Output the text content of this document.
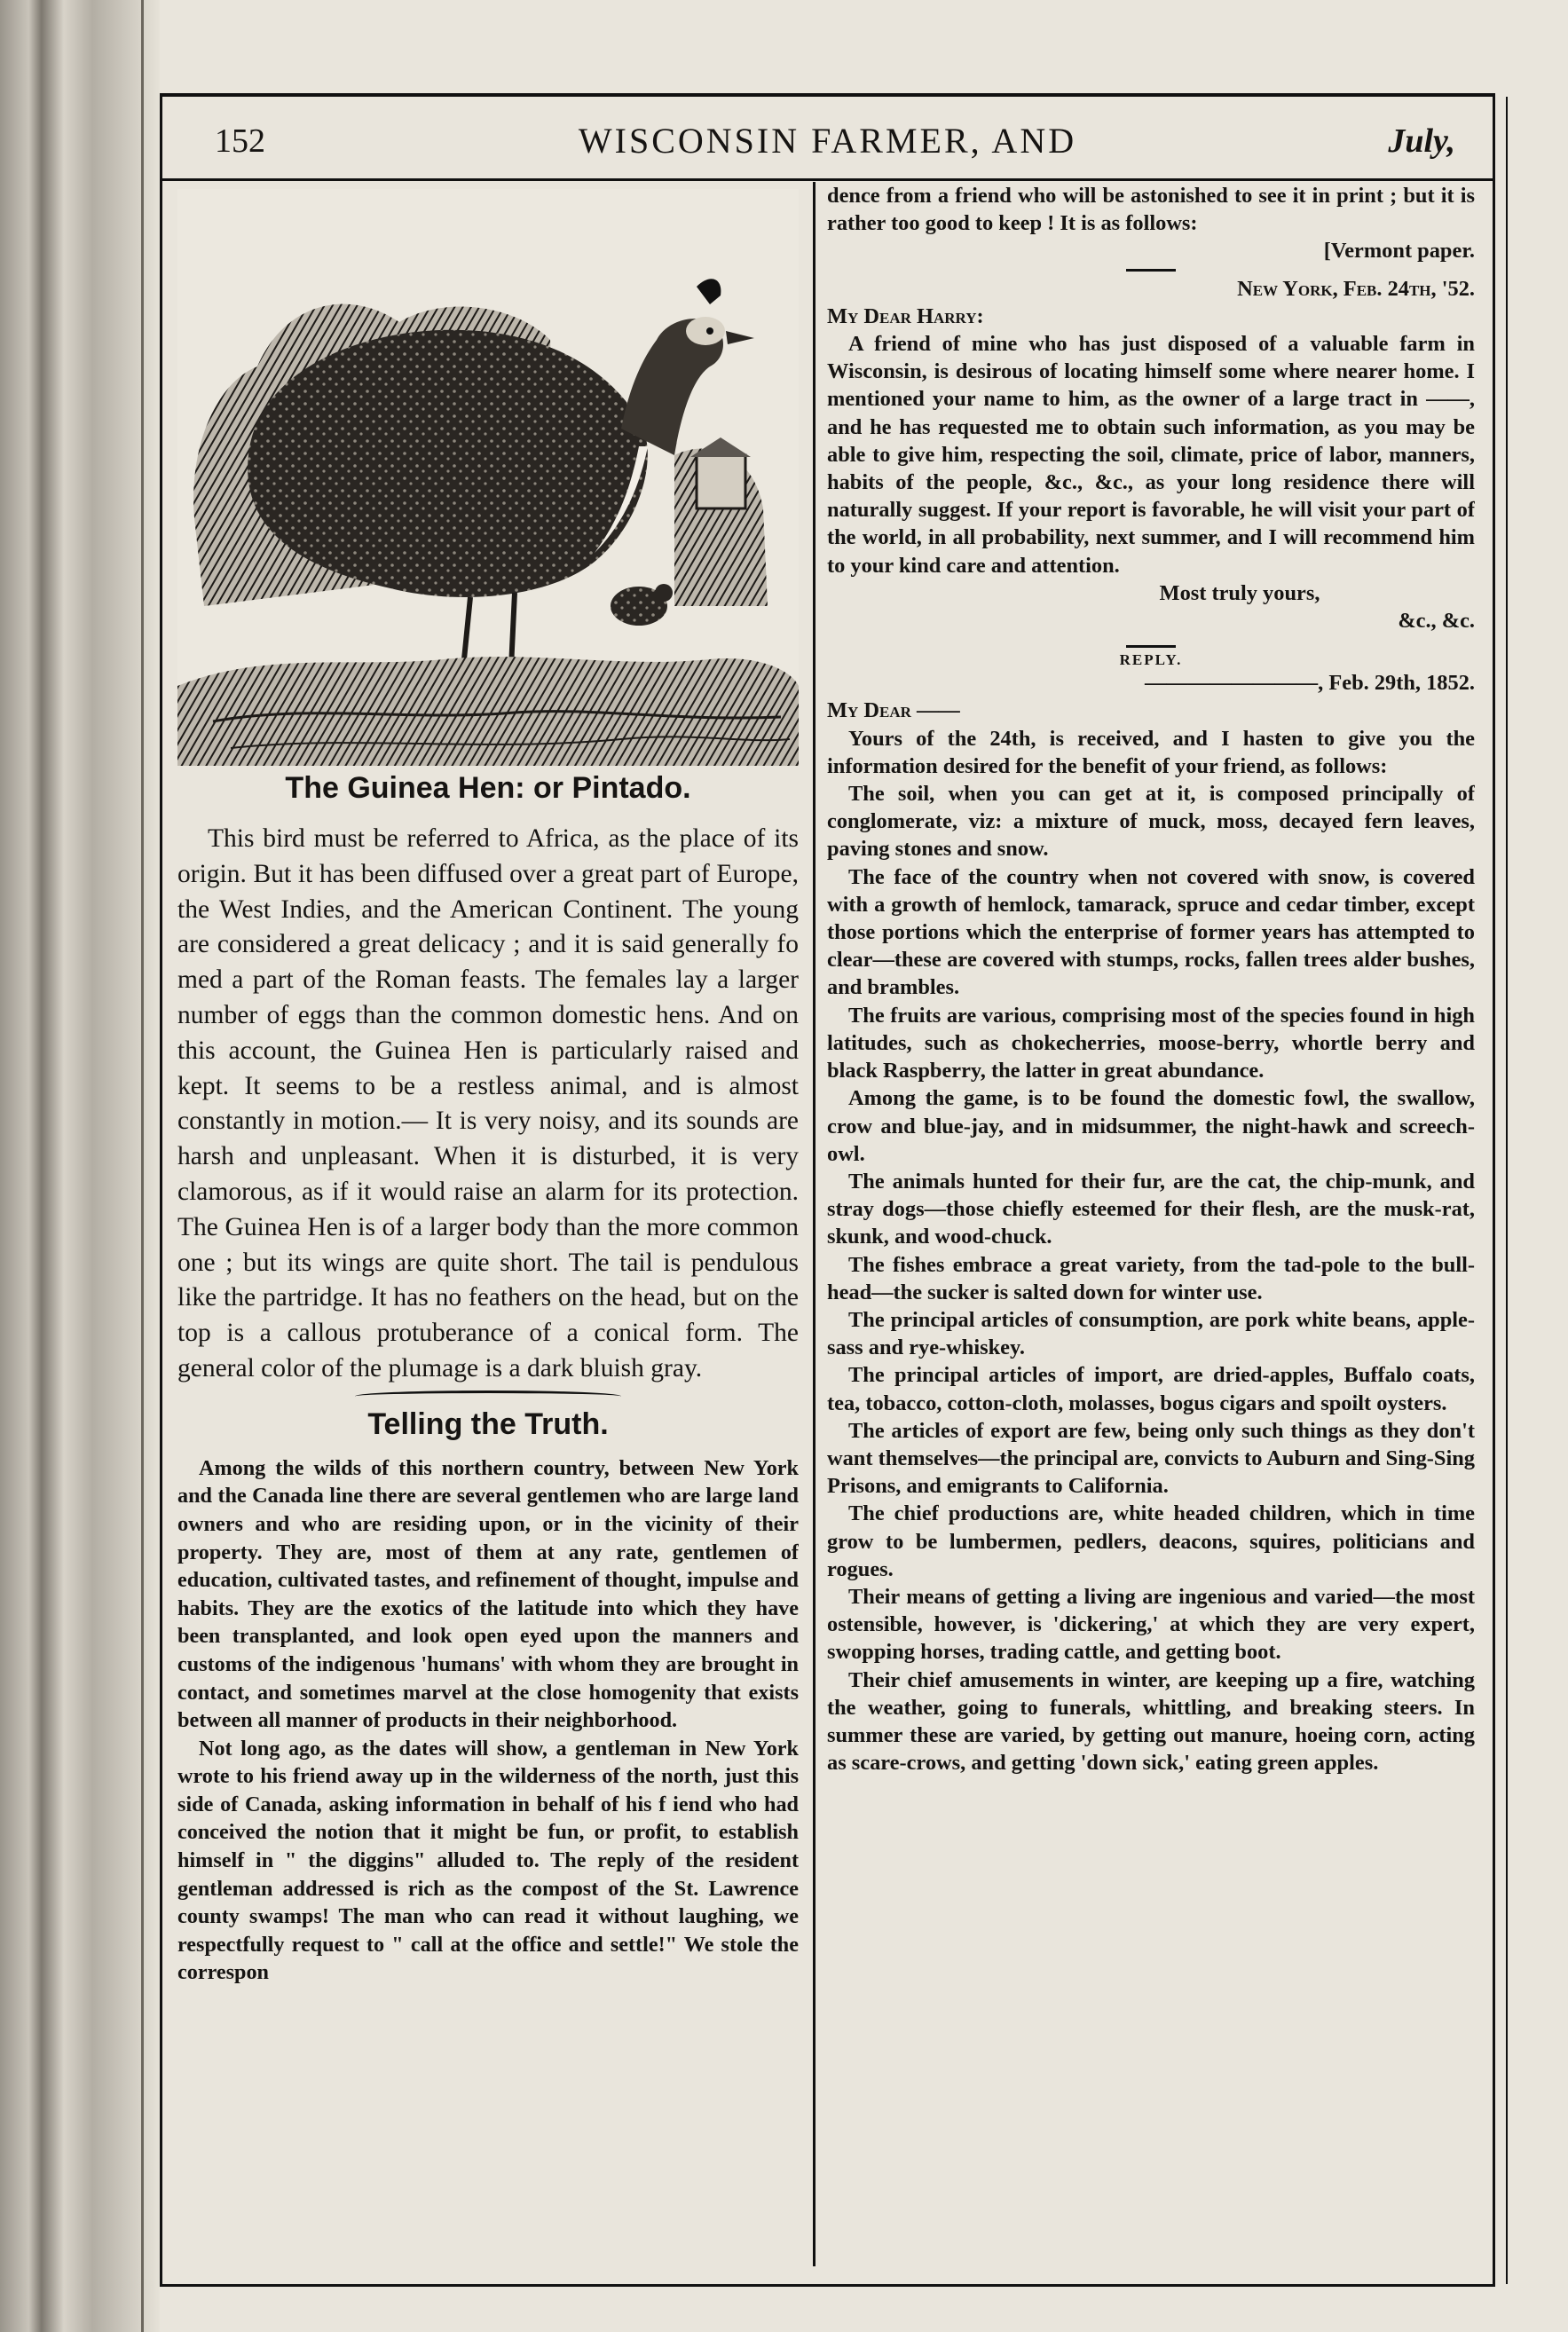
152	WISCONSIN FARMER, AND	July,
The Guinea Hen: or Pintado.

This bird must be referred to Africa, as the place of its origin. But it has been diffused over a great part of Europe, the West Indies, and the American Continent. The young are considered a great delicacy ; and it is said generally fo med a part of the Roman feasts. The females lay a larger number of eggs than the common domestic hens. And on this account, the Guinea Hen is particularly raised and kept. It seems to be a restless animal, and is almost constantly in motion.— It is very noisy, and its sounds are harsh and unpleasant. When it is disturbed, it is very clamorous, as if it would raise an alarm for its protection. The Guinea Hen is of a larger body than the more common one ; but its wings are quite short. The tail is pendulous like the partridge. It has no feathers on the head, but on the top is a callous protuberance of a conical form. The general color of the plumage is a dark bluish gray.

Telling the Truth.

Among the wilds of this northern country, between New York and the Canada line there are several gentlemen who are large land owners and who are residing upon, or in the vicinity of their property. They are, most of them at any rate, gentlemen of education, cultivated tastes, and refinement of thought, impulse and habits. They are the exotics of the latitude into which they have been transplanted, and look open eyed upon the manners and customs of the indigenous 'humans' with whom they are brought in contact, and sometimes marvel at the close homogenity that exists between all manner of products in their neighborhood.

Not long ago, as the dates will show, a gentleman in New York wrote to his friend away up in the wilderness of the north, just this side of Canada, asking information in behalf of his f iend who had conceived the notion that it might be fun, or profit, to establish himself in " the diggins" alluded to. The reply of the resident gentleman addressed is rich as the compost of the St. Lawrence county swamps! The man who can read it without laughing, we respectfully request to " call at the office and settle!" We stole the correspon

dence from a friend who will be astonished to see it in print ; but it is rather too good to keep ! It is as follows:

[Vermont paper.

New York, Feb. 24th, '52.

My Dear Harry:

A friend of mine who has just disposed of a valuable farm in Wisconsin, is desirous of locating himself some where nearer home. I mentioned your name to him, as the owner of a large tract in ——, and he has requested me to obtain such information, as you may be able to give him, respecting the soil, climate, price of labor, manners, habits of the people, &c., &c., as your long residence there will naturally suggest. If your report is favorable, he will visit your part of the world, in all probability, next summer, and I will recommend him to your kind care and attention.

Most truly yours,

&c., &c.

REPLY.

————————, Feb. 29th, 1852.

My Dear ——

Yours of the 24th, is received, and I hasten to give you the information desired for the benefit of your friend, as follows:

The soil, when you can get at it, is composed principally of conglomerate, viz: a mixture of muck, moss, decayed fern leaves, paving stones and snow.

The face of the country when not covered with snow, is covered with a growth of hemlock, tamarack, spruce and cedar timber, except those portions which the enterprise of former years has attempted to clear—these are covered with stumps, rocks, fallen trees alder bushes, and brambles.

The fruits are various, comprising most of the species found in high latitudes, such as chokecherries, moose-berry, whortle berry and black Raspberry, the latter in great abundance.

Among the game, is to be found the domestic fowl, the swallow, crow and blue-jay, and in midsummer, the night-hawk and screech-owl.

The animals hunted for their fur, are the cat, the chip-munk, and stray dogs—those chiefly esteemed for their flesh, are the musk-rat, skunk, and wood-chuck.

The fishes embrace a great variety, from the tad-pole to the bull-head—the sucker is salted down for winter use.

The principal articles of consumption, are pork white beans, apple-sass and rye-whiskey.

The principal articles of import, are dried-apples, Buffalo coats, tea, tobacco, cotton-cloth, molasses, bogus cigars and spoilt oysters.

The articles of export are few, being only such things as they don't want themselves—the principal are, convicts to Auburn and Sing-Sing Prisons, and emigrants to California.

The chief productions are, white headed children, which in time grow to be lumbermen, pedlers, deacons, squires, politicians and rogues.

Their means of getting a living are ingenious and varied—the most ostensible, however, is 'dickering,' at which they are very expert, swopping horses, trading cattle, and getting boot.

Their chief amusements in winter, are keeping up a fire, watching the weather, going to funerals, whittling, and breaking steers. In summer these are varied, by getting out manure, hoeing corn, acting as scare-crows, and getting 'down sick,' eating green apples.
